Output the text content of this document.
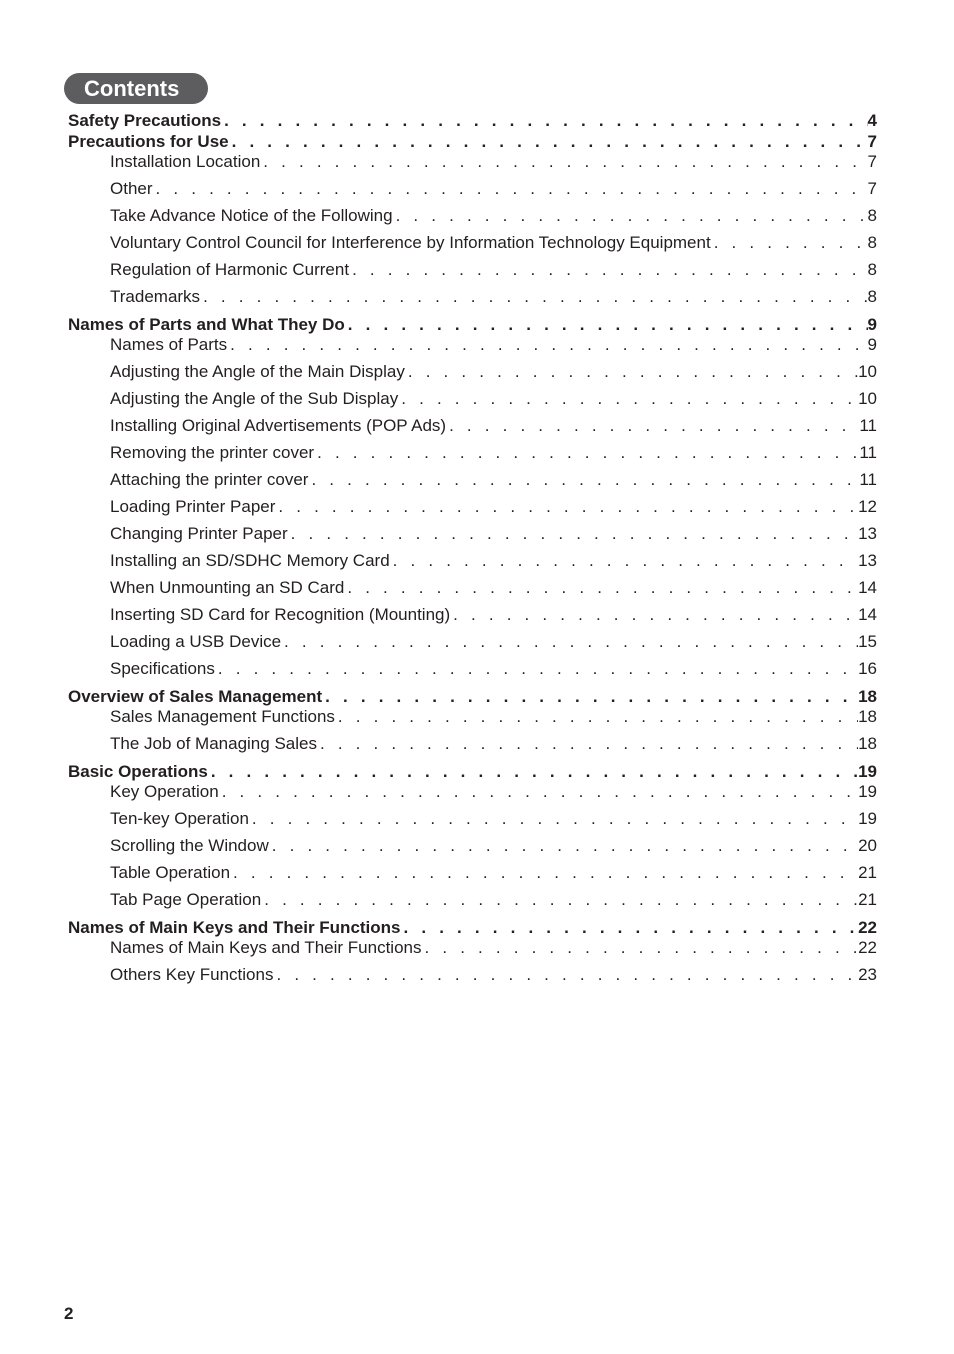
Contents
Safety Precautions . . .	4
Precautions for Use . . .	7
Installation Location . . .	7
Other . . .	7
Take Advance Notice of the Following . . .	8
Voluntary Control Council for Interference by Information Technology Equipment . . .	8
Regulation of Harmonic Current . . .	8
Trademarks . . .	8
Names of Parts and What They Do . . .	9
Names of Parts . . .	9
Adjusting the Angle of the Main Display . . .	10
Adjusting the Angle of the Sub Display . . .	10
Installing Original Advertisements (POP Ads) . . .	11
Removing the printer cover . . .	11
Attaching the printer cover . . .	11
Loading Printer Paper . . .	12
Changing Printer Paper . . .	13
Installing an SD/SDHC Memory Card . . .	13
When Unmounting an SD Card . . .	14
Inserting SD Card for Recognition (Mounting) . . .	14
Loading a USB Device . . .	15
Specifications . . .	16
Overview of Sales Management . . .	18
Sales Management Functions . . .	18
The Job of Managing Sales . . .	18
Basic Operations . . .	19
Key Operation . . .	19
Ten-key Operation . . .	19
Scrolling the Window . . .	20
Table Operation . . .	21
Tab Page Operation . . .	21
Names of Main Keys and Their Functions . . .	22
Names of Main Keys and Their Functions . . .	22
Others Key Functions . . .	23
2
